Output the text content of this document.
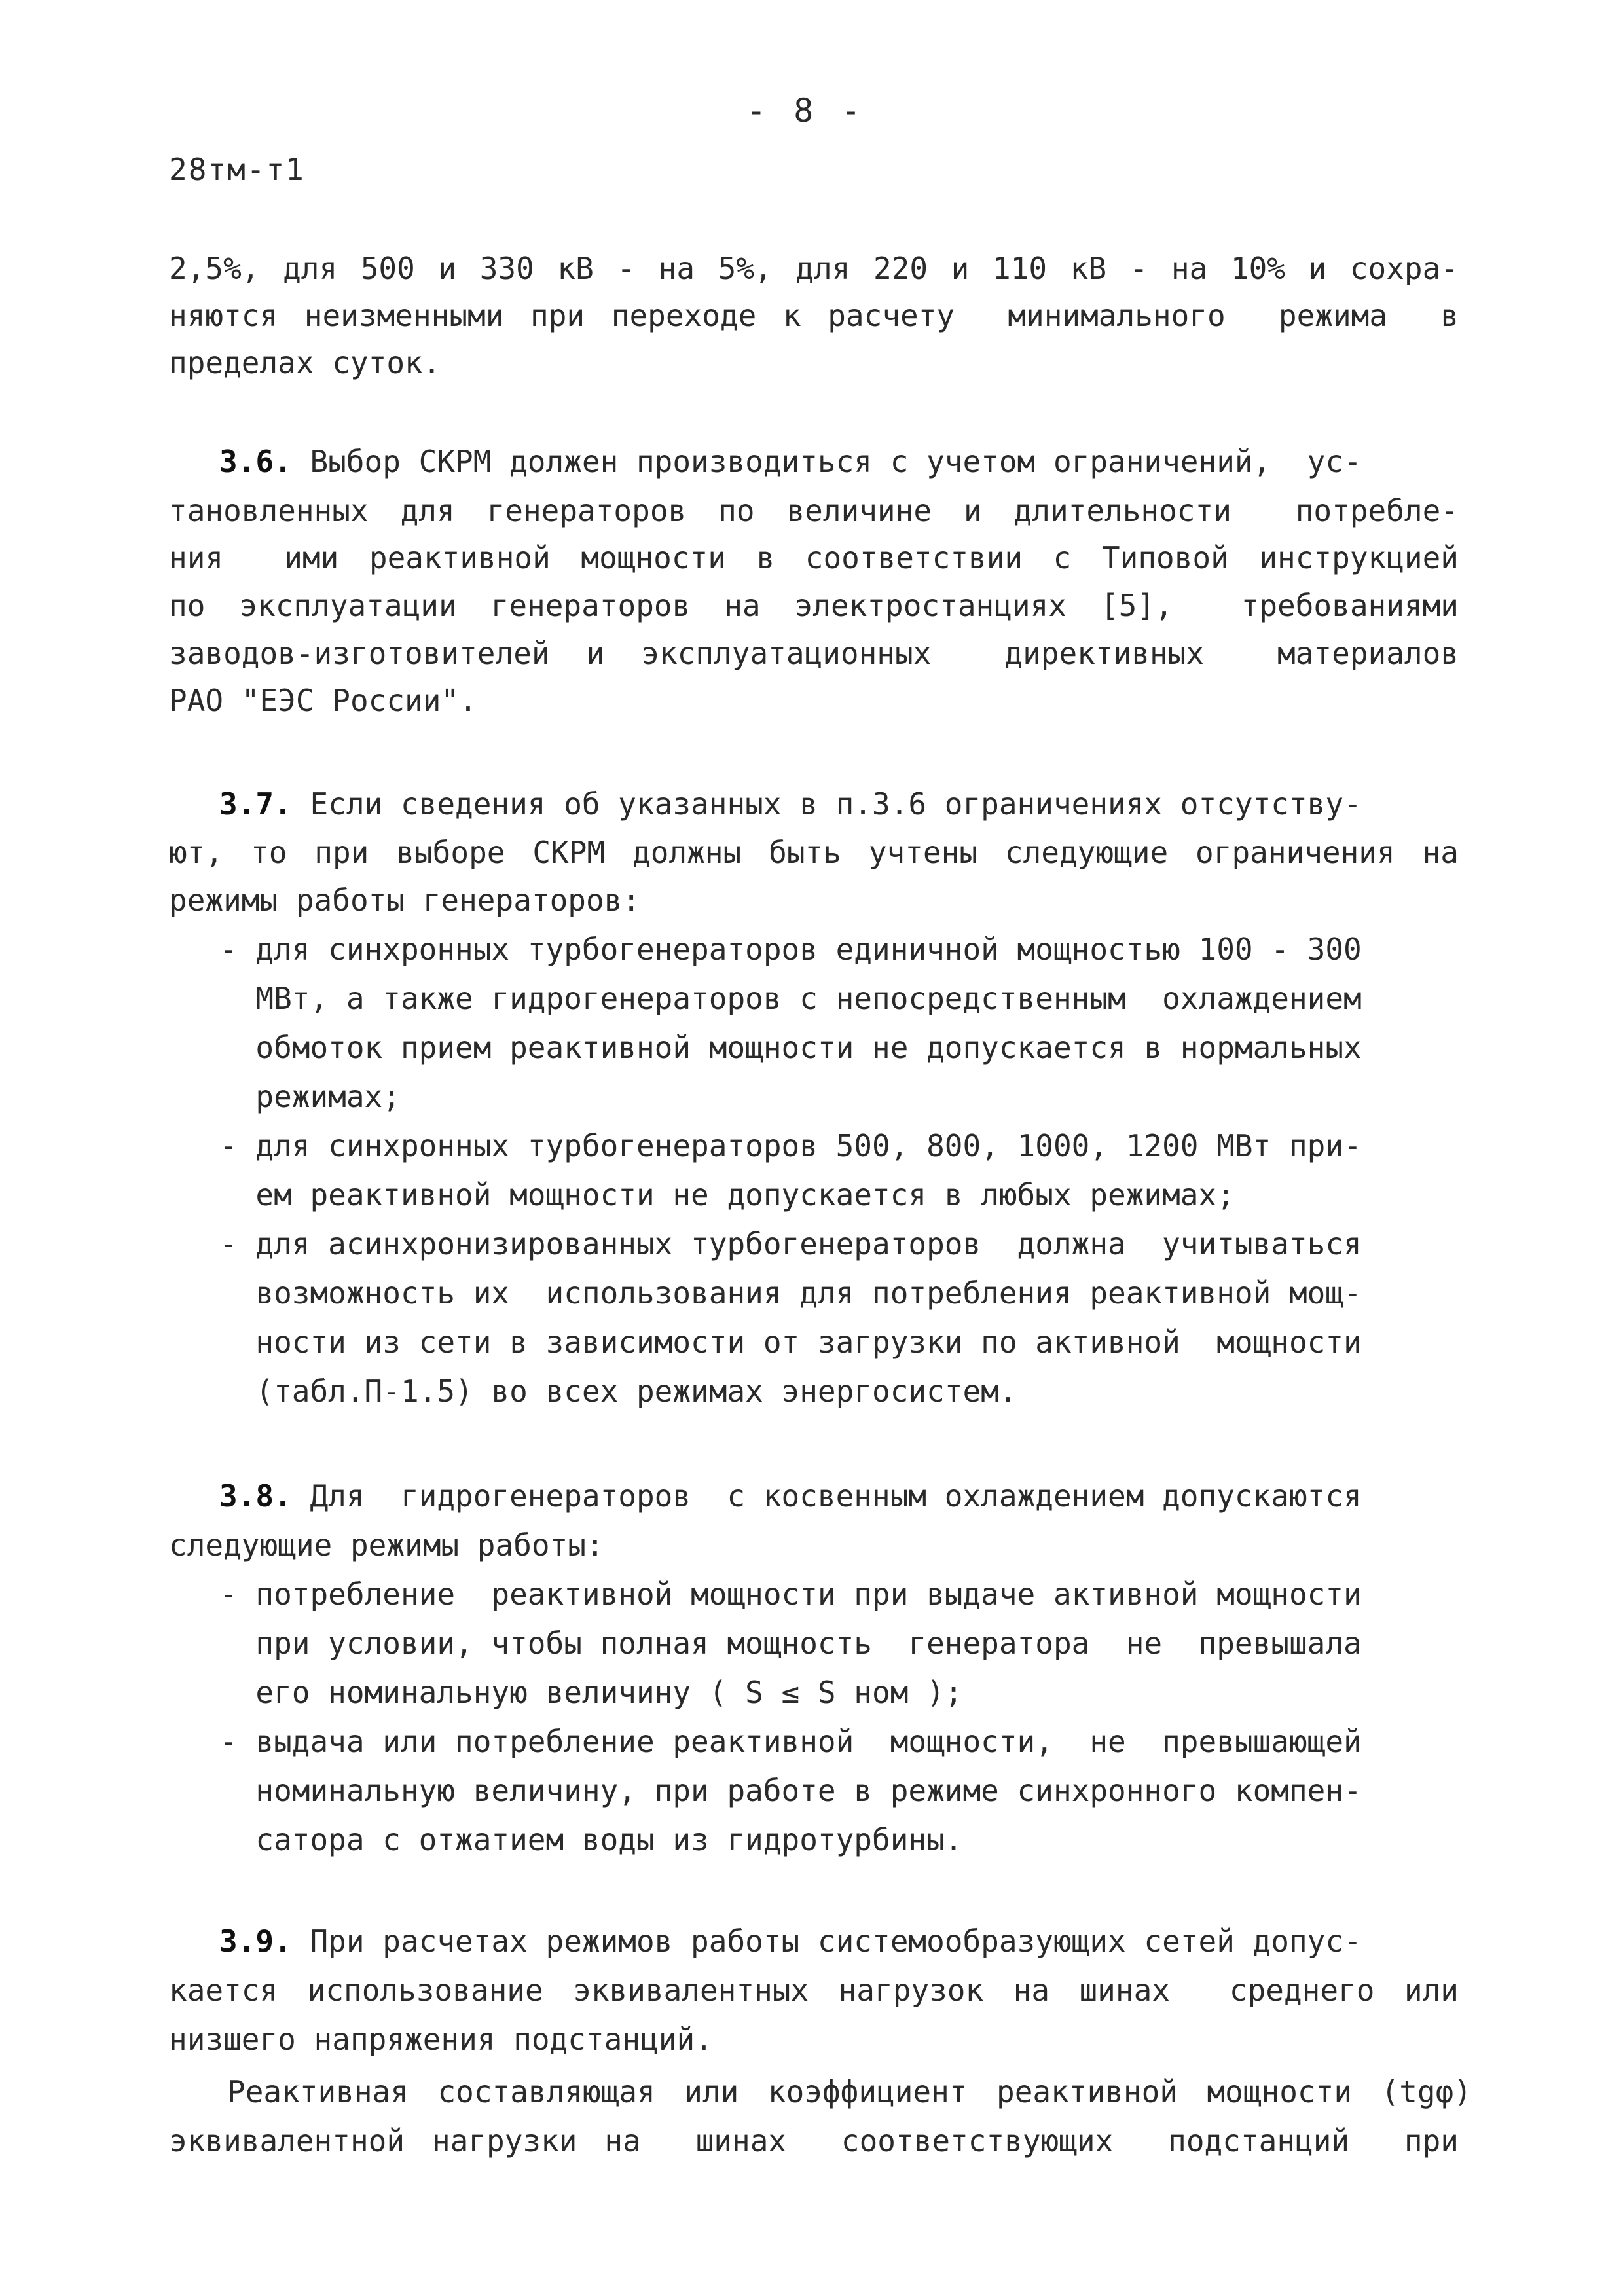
- 8 -
28тм-т1
2,5%, для 500 и 330 кВ - на 5%, для 220 и 110 кВ - на 10% и сохра-
няются неизменными при переходе к расчету  минимального  режима  в
пределах суток.
3.6. Выбор СКРМ должен производиться с учетом ограничений,  ус-
тановленных для генераторов по величине и длительности  потребле-
ния  ими реактивной мощности в соответствии с Типовой инструкцией
по эксплуатации генераторов на электростанциях [5],  требованиями
заводов-изготовителей и эксплуатационных  директивных  материалов
РАО "ЕЭС России".
3.7. Если сведения об указанных в п.3.6 ограничениях отсутству-
ют, то при выборе СКРМ должны быть учтены следующие ограничения на
режимы работы генераторов:
- для синхронных турбогенераторов единичной мощностью 100 - 300
МВт, а также гидрогенераторов с непосредственным  охлаждением
обмоток прием реактивной мощности не допускается в нормальных
режимах;
- для синхронных турбогенераторов 500, 800, 1000, 1200 МВт при-
ем реактивной мощности не допускается в любых режимах;
- для асинхронизированных турбогенераторов  должна  учитываться
возможность их  использования для потребления реактивной мощ-
ности из сети в зависимости от загрузки по активной  мощности
(табл.П-1.5) во всех режимах энергосистем.
3.8. Для  гидрогенераторов  с косвенным охлаждением допускаются
следующие режимы работы:
- потребление  реактивной мощности при выдаче активной мощности
при условии, чтобы полная мощность  генератора  не  превышала
его номинальную величину ( S ≤ S ном );
- выдача или потребление реактивной  мощности,  не  превышающей
номинальную величину, при работе в режиме синхронного компен-
сатора с отжатием воды из гидротурбины.
3.9. При расчетах режимов работы системообразующих сетей допус-
кается использование эквивалентных нагрузок на шинах  среднего или
низшего напряжения подстанций.
Реактивная составляющая или коэффициент реактивной мощности (tgφ)
эквивалентной нагрузки на  шинах  соответствующих  подстанций  при
